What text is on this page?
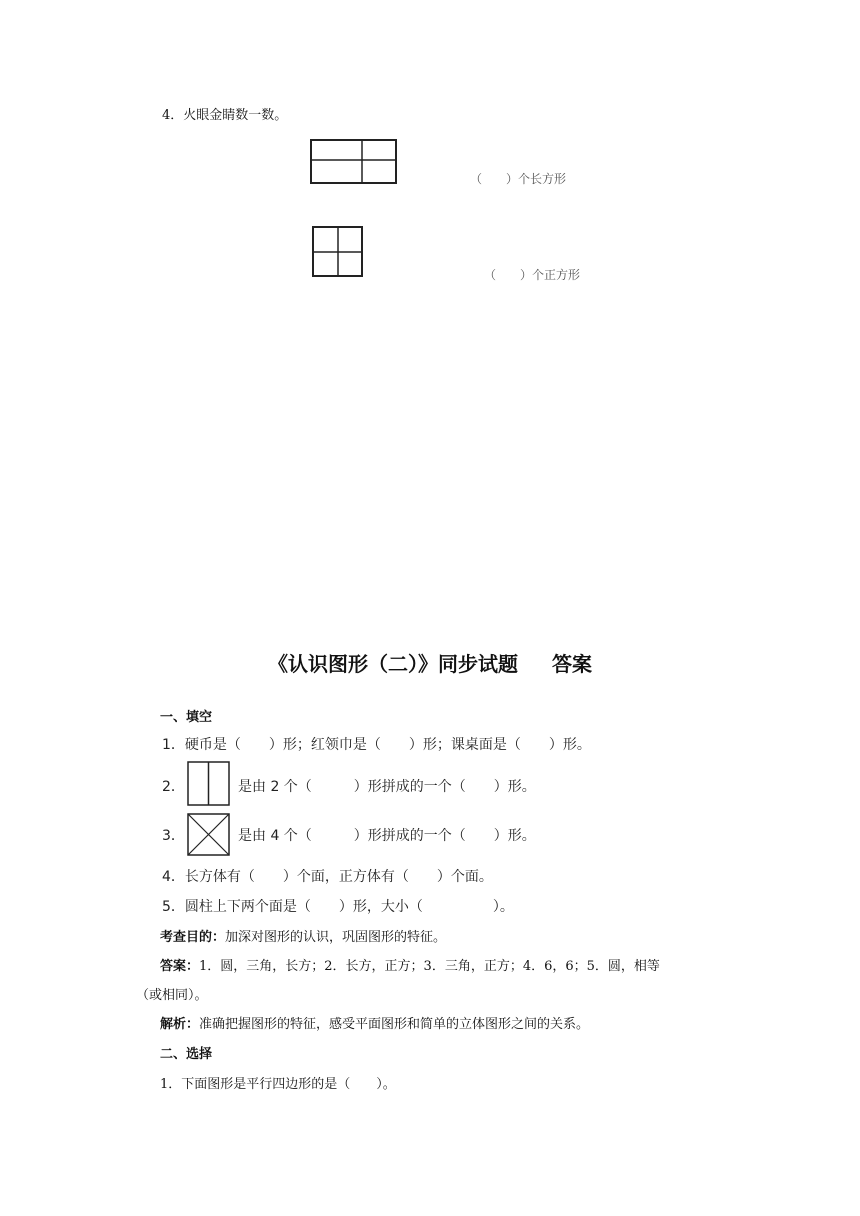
4．火眼金睛数一数。
（　　）个长方形
（　　）个正方形
《认识图形（二）》同步试题 答案
一、填空
1．硬币是（　　）形；红领巾是（　　）形；课桌面是（　　）形。
2．	是由 2 个（　　　）形拼成的一个（　　）形。
3．	是由 4 个（　　　）形拼成的一个（　　）形。
4．长方体有（　　）个面，正方体有（　　）个面。
5．圆柱上下两个面是（　　）形，大小（　　　　　）。
考查目的：加深对图形的认识，巩固图形的特征。
答案：1．圆，三角，长方；2．长方，正方；3．三角，正方；4．6，6；5．圆，相等
（或相同）。
解析：准确把握图形的特征，感受平面图形和简单的立体图形之间的关系。
二、选择
1．下面图形是平行四边形的是（　　）。
